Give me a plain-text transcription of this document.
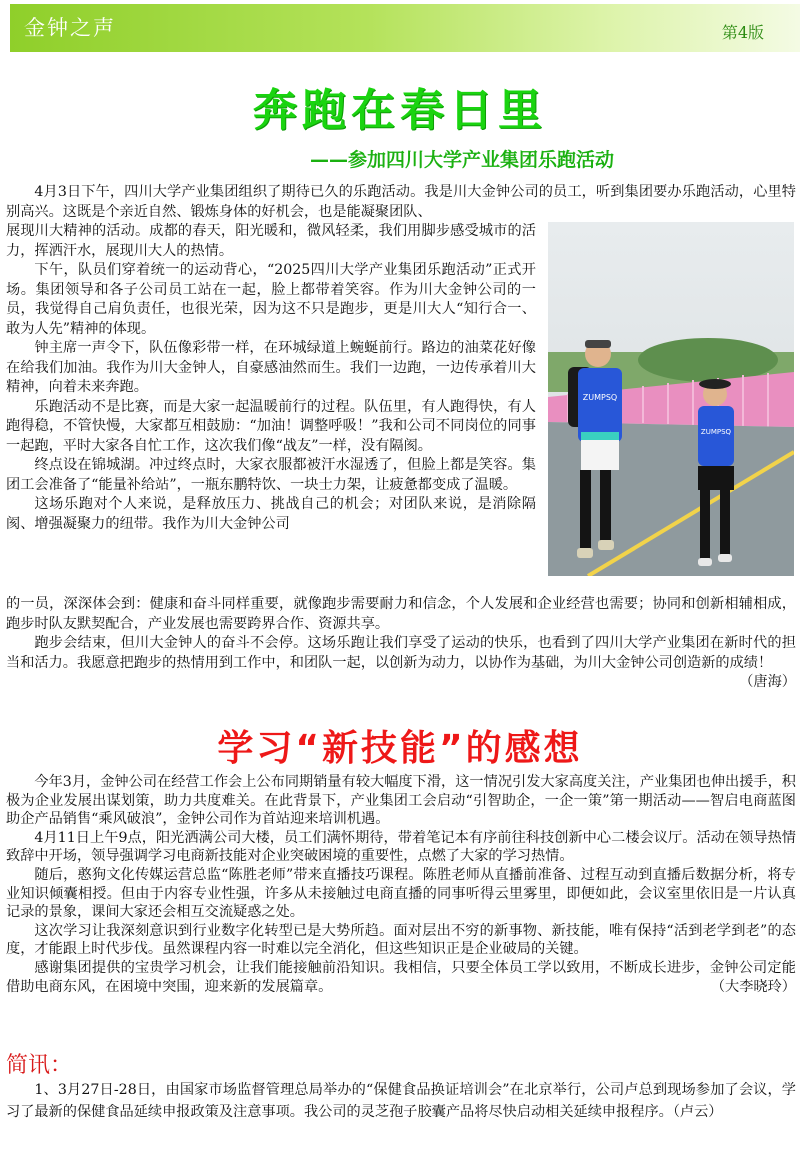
金钟之声	第4版
奔跑在春日里
——参加四川大学产业集团乐跑活动

4月3日下午，四川大学产业集团组织了期待已久的乐跑活动。我是川大金钟公司的员工，听到集团要办乐跑活动，心里特别高兴。这既是个亲近自然、锻炼身体的好机会，也是能凝聚团队、

展现川大精神的活动。成都的春天，阳光暖和，微风轻柔，我们用脚步感受城市的活力，挥洒汗水，展现川大人的热情。

下午，队员们穿着统一的运动背心，“2025四川大学产业集团乐跑活动”正式开场。集团领导和各子公司员工站在一起，脸上都带着笑容。作为川大金钟公司的一员，我觉得自己肩负责任，也很光荣，因为这不只是跑步，更是川大人“知行合一、敢为人先”精神的体现。

钟主席一声令下，队伍像彩带一样，在环城绿道上蜿蜒前行。路边的油菜花好像在给我们加油。我作为川大金钟人，自豪感油然而生。我们一边跑，一边传承着川大精神，向着未来奔跑。

乐跑活动不是比赛，而是大家一起温暖前行的过程。队伍里，有人跑得快，有人跑得稳，不管快慢，大家都互相鼓励：“加油！调整呼吸！”我和公司不同岗位的同事一起跑，平时大家各自忙工作，这次我们像“战友”一样，没有隔阂。

终点设在锦城湖。冲过终点时，大家衣服都被汗水湿透了，但脸上都是笑容。集团工会准备了“能量补给站”，一瓶东鹏特饮、一块士力架，让疲惫都变成了温暖。

这场乐跑对个人来说，是释放压力、挑战自己的机会；对团队来说，是消除隔阂、增强凝聚力的纽带。我作为川大金钟公司

ZUMPSQ
ZUMPSQ

的一员，深深体会到：健康和奋斗同样重要，就像跑步需要耐力和信念，个人发展和企业经营也需要；协同和创新相辅相成，跑步时队友默契配合，产业发展也需要跨界合作、资源共享。

跑步会结束，但川大金钟人的奋斗不会停。这场乐跑让我们享受了运动的快乐，也看到了四川大学产业集团在新时代的担当和活力。我愿意把跑步的热情用到工作中，和团队一起，以创新为动力，以协作为基础，为川大金钟公司创造新的成绩！
（唐海）

学习“新技能”的感想

今年3月，金钟公司在经营工作会上公布同期销量有较大幅度下滑，这一情况引发大家高度关注，产业集团也伸出援手，积极为企业发展出谋划策，助力共度难关。在此背景下，产业集团工会启动“引智助企，一企一策”第一期活动——智启电商蓝图 助企产品销售“乘风破浪”，金钟公司作为首站迎来培训机遇。

4月11日上午9点，阳光洒满公司大楼，员工们满怀期待，带着笔记本有序前往科技创新中心二楼会议厅。活动在领导热情致辞中开场，领导强调学习电商新技能对企业突破困境的重要性，点燃了大家的学习热情。

随后，憨狗文化传媒运营总监“陈胜老师”带来直播技巧课程。陈胜老师从直播前准备、过程互动到直播后数据分析，将专业知识倾囊相授。但由于内容专业性强，许多从未接触过电商直播的同事听得云里雾里，即便如此，会议室里依旧是一片认真记录的景象，课间大家还会相互交流疑惑之处。

这次学习让我深刻意识到行业数字化转型已是大势所趋。面对层出不穷的新事物、新技能，唯有保持“活到老学到老”的态度，才能跟上时代步伐。虽然课程内容一时难以完全消化，但这些知识正是企业破局的关键。

感谢集团提供的宝贵学习机会，让我们能接触前沿知识。我相信，只要全体员工学以致用，不断成长进步，金钟公司定能借助电商东风，在困境中突围，迎来新的发展篇章。	（大李晓玲）

简讯：

1、3月27日-28日，由国家市场监督管理总局举办的“保健食品换证培训会”在北京举行，公司卢总到现场参加了会议，学习了最新的保健食品延续申报政策及注意事项。我公司的灵芝孢子胶囊产品将尽快启动相关延续申报程序。（卢云）
